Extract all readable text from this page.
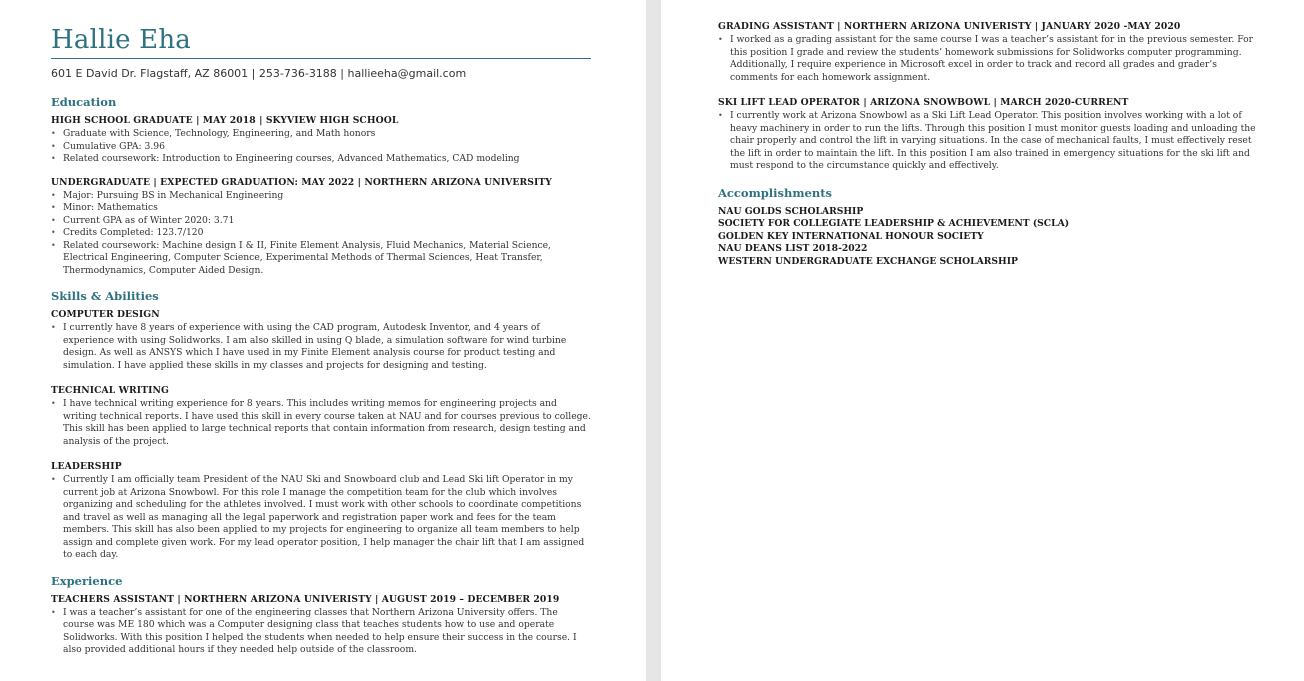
Hallie Eha
601 E David Dr. Flagstaff, AZ 86001 | 253-736-3188 | hallieeha@gmail.com
Education
HIGH SCHOOL GRADUATE | MAY 2018 | SKYVIEW HIGH SCHOOL
• Graduate with Science, Technology, Engineering, and Math honors
• Cumulative GPA: 3.96
• Related coursework: Introduction to Engineering courses, Advanced Mathematics, CAD modeling
UNDERGRADUATE | EXPECTED GRADUATION: MAY 2022 | NORTHERN ARIZONA UNIVERSITY
• Major: Pursuing BS in Mechanical Engineering
• Minor: Mathematics
• Current GPA as of Winter 2020: 3.71
• Credits Completed: 123.7/120
• Related coursework: Machine design I & II, Finite Element Analysis, Fluid Mechanics, Material Science, Electrical Engineering, Computer Science, Experimental Methods of Thermal Sciences, Heat Transfer, Thermodynamics, Computer Aided Design.
Skills & Abilities
COMPUTER DESIGN
• I currently have 8 years of experience with using the CAD program, Autodesk Inventor, and 4 years of experience with using Solidworks. I am also skilled in using Q blade, a simulation software for wind turbine design. As well as ANSYS which I have used in my Finite Element analysis course for product testing and simulation. I have applied these skills in my classes and projects for designing and testing.
TECHNICAL WRITING
• I have technical writing experience for 8 years. This includes writing memos for engineering projects and writing technical reports. I have used this skill in every course taken at NAU and for courses previous to college. This skill has been applied to large technical reports that contain information from research, design testing and analysis of the project.
LEADERSHIP
• Currently I am officially team President of the NAU Ski and Snowboard club and Lead Ski lift Operator in my current job at Arizona Snowbowl. For this role I manage the competition team for the club which involves organizing and scheduling for the athletes involved. I must work with other schools to coordinate competitions and travel as well as managing all the legal paperwork and registration paper work and fees for the team members. This skill has also been applied to my projects for engineering to organize all team members to help assign and complete given work. For my lead operator position, I help manager the chair lift that I am assigned to each day.
Experience
TEACHERS ASSISTANT | NORTHERN ARIZONA UNIVERISTY | AUGUST 2019 – DECEMBER 2019
• I was a teacher’s assistant for one of the engineering classes that Northern Arizona University offers. The course was ME 180 which was a Computer designing class that teaches students how to use and operate Solidworks. With this position I helped the students when needed to help ensure their success in the course. I also provided additional hours if they needed help outside of the classroom.
GRADING ASSISTANT | NORTHERN ARIZONA UNIVERISTY | JANUARY 2020 -MAY 2020
• I worked as a grading assistant for the same course I was a teacher’s assistant for in the previous semester. For this position I grade and review the students’ homework submissions for Solidworks computer programming. Additionally, I require experience in Microsoft excel in order to track and record all grades and grader’s comments for each homework assignment.
SKI LIFT LEAD OPERATOR | ARIZONA SNOWBOWL | MARCH 2020-CURRENT
• I currently work at Arizona Snowbowl as a Ski Lift Lead Operator. This position involves working with a lot of heavy machinery in order to run the lifts. Through this position I must monitor guests loading and unloading the chair properly and control the lift in varying situations. In the case of mechanical faults, I must effectively reset the lift in order to maintain the lift. In this position I am also trained in emergency situations for the ski lift and must respond to the circumstance quickly and effectively.
Accomplishments
NAU GOLDS SCHOLARSHIP
SOCIETY FOR COLLEGIATE LEADERSHIP & ACHIEVEMENT (SCLA)
GOLDEN KEY INTERNATIONAL HONOUR SOCIETY
NAU DEANS LIST 2018-2022
WESTERN UNDERGRADUATE EXCHANGE SCHOLARSHIP
